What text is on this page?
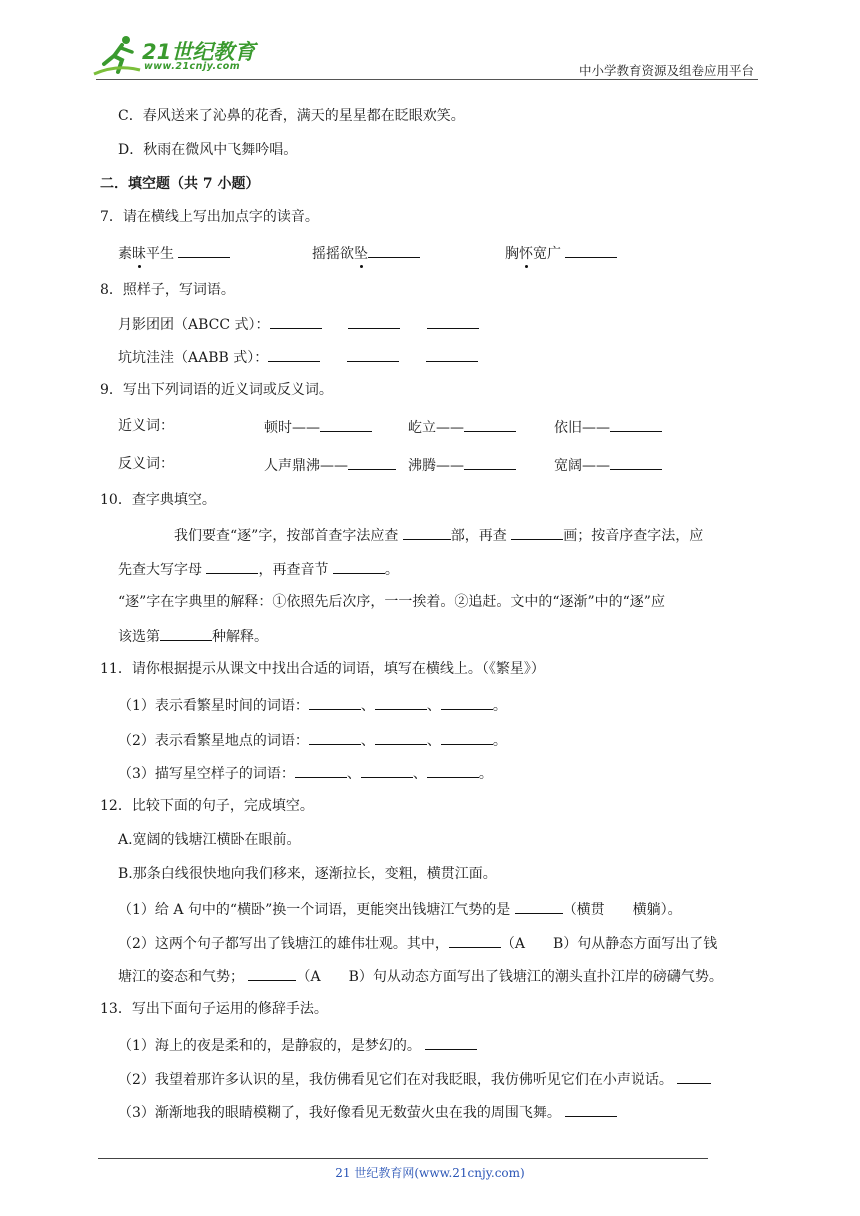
21世纪教育
www.21cnjy.com	中小学教育资源及组卷应用平台
C．春风送来了沁鼻的花香，满天的星星都在眨眼欢笑。
D．秋雨在微风中飞舞吟唱。
二．填空题（共 7 小题）
7．请在横线上写出加点字的读音。
素昧平生	摇摇欲坠	胸怀宽广
8．照样子，写词语。
月影团团（ABCC 式）：
坑坑洼洼（AABB 式）：
9．写出下列词语的近义词或反义词。
近义词：	顿时——	屹立——	依旧——
反义词：	人声鼎沸——	沸腾——	宽阔——
10．查字典填空。
我们要查“逐”字，按部首查字法应查	部，再查	画；按音序查字法，应
先查大写字母	，再查音节	。
“逐”字在字典里的解释：①依照先后次序，一一挨着。②追赶。文中的“逐渐”中的“逐”应
该选第	种解释。
11．请你根据提示从课文中找出合适的词语，填写在横线上。（《繁星》）
（1）表示看繁星时间的词语：	、	、	。
（2）表示看繁星地点的词语：	、	、	。
（3）描写星空样子的词语：	、	、	。
12．比较下面的句子，完成填空。
A.宽阔的钱塘江横卧在眼前。
B.那条白线很快地向我们移来，逐渐拉长，变粗，横贯江面。
（1）给 A 句中的“横卧”换一个词语，更能突出钱塘江气势的是	（横贯　　横躺）。
（2）这两个句子都写出了钱塘江的雄伟壮观。其中，	（A　　B）句从静态方面写出了钱
塘江的姿态和气势；	（A　　B）句从动态方面写出了钱塘江的潮头直扑江岸的磅礴气势。
13．写出下面句子运用的修辞手法。
（1）海上的夜是柔和的，是静寂的，是梦幻的。
（2）我望着那许多认识的星，我仿佛看见它们在对我眨眼，我仿佛听见它们在小声说话。
（3）渐渐地我的眼睛模糊了，我好像看见无数萤火虫在我的周围飞舞。
21 世纪教育网(www.21cnjy.com)
